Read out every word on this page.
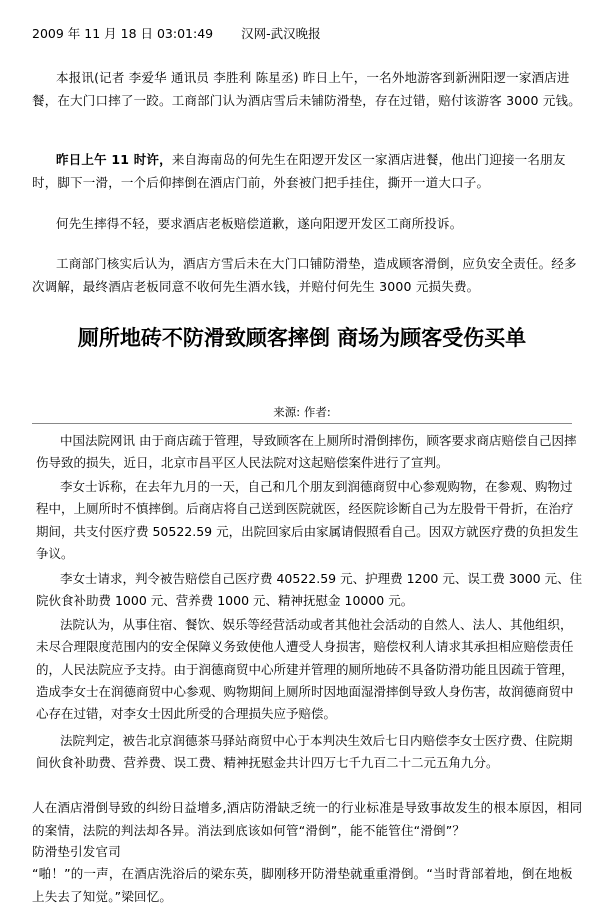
2009 年 11 月 18 日 03:01:49 汉网-武汉晚报

本报讯(记者 李爱华 通讯员 李胜利 陈星丞) 昨日上午，一名外地游客到新洲阳逻一家酒店进餐，在大门口摔了一跤。工商部门认为酒店雪后未铺防滑垫，存在过错，赔付该游客 3000 元钱。

昨日上午 11 时许，来自海南岛的何先生在阳逻开发区一家酒店进餐，他出门迎接一名朋友时，脚下一滑，一个后仰摔倒在酒店门前，外套被门把手挂住，撕开一道大口子。

何先生摔得不轻，要求酒店老板赔偿道歉，遂向阳逻开发区工商所投诉。

工商部门核实后认为，酒店方雪后未在大门口铺防滑垫，造成顾客滑倒，应负安全责任。经多次调解，最终酒店老板同意不收何先生酒水钱，并赔付何先生 3000 元损失费。

厕所地砖不防滑致顾客摔倒 商场为顾客受伤买单
来源: 作者:

中国法院网讯 由于商店疏于管理，导致顾客在上厕所时滑倒摔伤，顾客要求商店赔偿自己因摔伤导致的损失，近日，北京市昌平区人民法院对这起赔偿案件进行了宣判。

李女士诉称，在去年九月的一天，自己和几个朋友到润德商贸中心参观购物，在参观、购物过程中，上厕所时不慎摔倒。后商店将自己送到医院就医，经医院诊断自己为左股骨干骨折，在治疗期间，共支付医疗费 50522.59 元，出院回家后由家属请假照看自己。因双方就医疗费的负担发生争议。

李女士请求，判令被告赔偿自己医疗费 40522.59 元、护理费 1200 元、误工费 3000 元、住院伙食补助费 1000 元、营养费 1000 元、精神抚慰金 10000 元。

法院认为，从事住宿、餐饮、娱乐等经营活动或者其他社会活动的自然人、法人、其他组织，未尽合理限度范围内的安全保障义务致使他人遭受人身损害，赔偿权利人请求其承担相应赔偿责任的，人民法院应予支持。由于润德商贸中心所建并管理的厕所地砖不具备防滑功能且因疏于管理，造成李女士在润德商贸中心参观、购物期间上厕所时因地面湿滑摔倒导致人身伤害，故润德商贸中心存在过错，对李女士因此所受的合理损失应予赔偿。

法院判定，被告北京润德茶马驿站商贸中心于本判决生效后七日内赔偿李女士医疗费、住院期间伙食补助费、营养费、误工费、精神抚慰金共计四万七千九百二十二元五角九分。

人在酒店滑倒导致的纠纷日益增多,酒店防滑缺乏统一的行业标准是导致事故发生的根本原因，相同的案情，法院的判法却各异。消法到底该如何管“滑倒”，能不能管住“滑倒”？

防滑垫引发官司

“啪！”的一声，在酒店洗浴后的梁东英，脚刚移开防滑垫就重重滑倒。“当时背部着地，倒在地板上失去了知觉。”梁回忆。
